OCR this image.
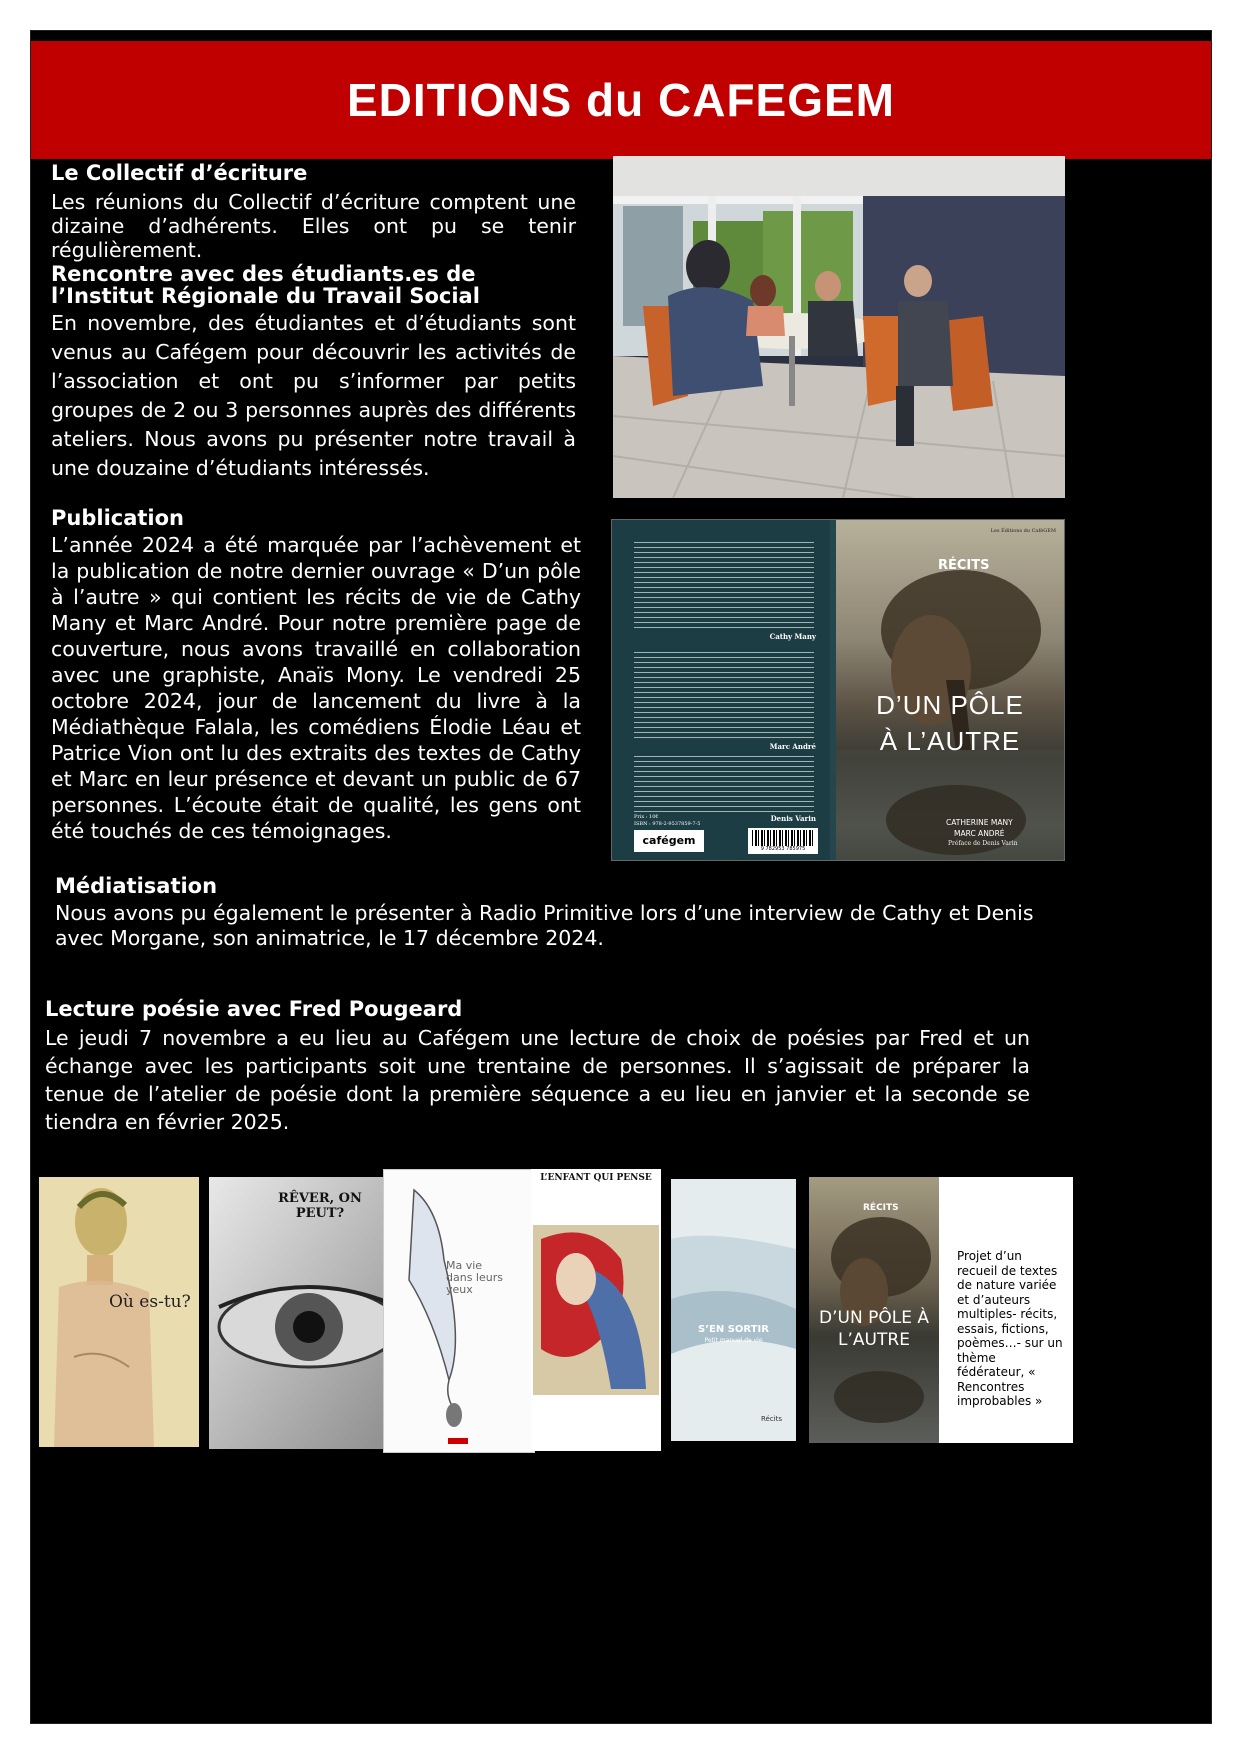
EDITIONS du CAFEGEM
Le Collectif d’écriture

Les réunions du Collectif d’écriture comptent une dizaine d’adhérents. Elles ont pu se tenir régulièrement.

Rencontre avec des étudiants.es de l’Institut Régionale du Travail Social

En novembre, des étudiantes et d’étudiants sont venus au Cafégem pour découvrir les activités de l’association et ont pu s’informer par petits groupes de 2 ou 3 personnes auprès des différents ateliers. Nous avons pu présenter notre travail à une douzaine d’étudiants intéressés.

Publication

L’année 2024 a été marquée par l’achèvement et la publication de notre dernier ouvrage « D’un pôle à l’autre » qui contient les récits de vie de Cathy Many et Marc André. Pour notre première page de couverture, nous avons travaillé en collaboration avec une graphiste, Anaïs Mony. Le vendredi 25 octobre 2024, jour de lancement du livre à la Médiathèque Falala, les comédiens Élodie Léau et Patrice Vion ont lu des extraits des textes de Cathy et Marc en leur présence et devant un public de 67 personnes. L’écoute était de qualité, les gens ont été touchés de ces témoignages.

Cathy Many
Marc André
Denis Varin
Prix : 10€
ISBN : 978-2-9537859-7-5
cafégem
9 782953 785975
Les Éditions du CaféGEM
RÉCITS
D’UN PÔLE
À L’AUTRE
CATHERINE MANY
MARC ANDRÉ
Préface de Denis Varin
Médiatisation

Nous avons pu également le présenter à Radio Primitive lors d’une interview de Cathy et Denis avec Morgane, son animatrice, le 17 décembre 2024.

Lecture poésie avec Fred Pougeard

Le jeudi 7 novembre a eu lieu au Cafégem une lecture de choix de poésies par Fred et un échange avec les participants soit une trentaine de personnes. Il s’agissait de préparer la tenue de l’atelier de poésie dont la première séquence a eu lieu en janvier et la seconde se tiendra en février 2025.

Où es-tu?
RÊVER, ON PEUT?
Ma vie dans leurs yeux
L’ENFANT QUI PENSE
S’EN SORTIR
Petit manuel de vie
Récits
RÉCITS
D’UN PÔLE À L’AUTRE
Projet d’un recueil de textes de nature variée et d’auteurs multiples- récits, essais, fictions, poèmes…- sur un thème fédérateur, « Rencontres improbables »
